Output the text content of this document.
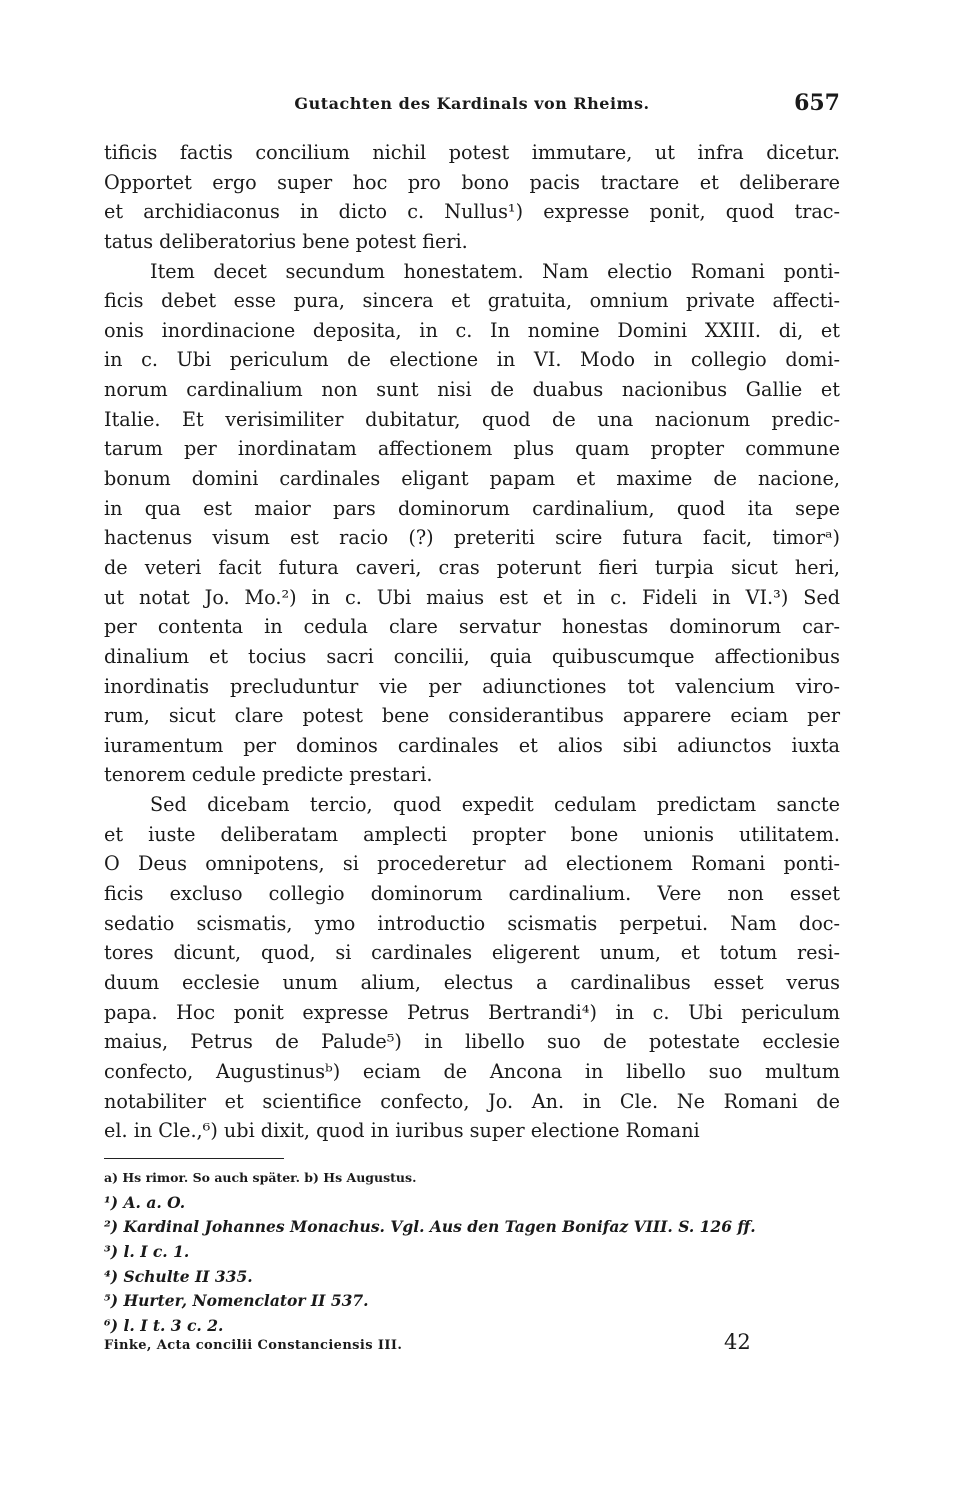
Gutachten des Kardinals von Rheims.	657
tificis factis concilium nichil potest immutare, ut infra dicetur.
Opportet ergo super hoc pro bono pacis tractare et deliberare
et archidiaconus in dicto c. Nullus¹) expresse ponit, quod trac-
tatus deliberatorius bene potest fieri.
Item decet secundum honestatem. Nam electio Romani ponti-
ficis debet esse pura, sincera et gratuita, omnium private affecti-
onis inordinacione deposita, in c. In nomine Domini XXIII. di, et
in c. Ubi periculum de electione in VI. Modo in collegio domi-
norum cardinalium non sunt nisi de duabus nacionibus Gallie et
Italie. Et verisimiliter dubitatur, quod de una nacionum predic-
tarum per inordinatam affectionem plus quam propter commune
bonum domini cardinales eligant papam et maxime de nacione,
in qua est maior pars dominorum cardinalium, quod ita sepe
hactenus visum est racio (?) preteriti scire futura facit, timorᵃ)
de veteri facit futura caveri, cras poterunt fieri turpia sicut heri,
ut notat Jo. Mo.²) in c. Ubi maius est et in c. Fideli in VI.³) Sed
per contenta in cedula clare servatur honestas dominorum car-
dinalium et tocius sacri concilii, quia quibuscumque affectionibus
inordinatis precluduntur vie per adiunctiones tot valencium viro-
rum, sicut clare potest bene considerantibus apparere eciam per
iuramentum per dominos cardinales et alios sibi adiunctos iuxta
tenorem cedule predicte prestari.
Sed dicebam tercio, quod expedit cedulam predictam sancte
et iuste deliberatam amplecti propter bone unionis utilitatem.
O Deus omnipotens, si procederetur ad electionem Romani ponti-
ficis excluso collegio dominorum cardinalium. Vere non esset
sedatio scismatis, ymo introductio scismatis perpetui. Nam doc-
tores dicunt, quod, si cardinales eligerent unum, et totum resi-
duum ecclesie unum alium, electus a cardinalibus esset verus
papa. Hoc ponit expresse Petrus Bertrandi⁴) in c. Ubi periculum
maius, Petrus de Palude⁵) in libello suo de potestate ecclesie
confecto, Augustinusᵇ) eciam de Ancona in libello suo multum
notabiliter et scientifice confecto, Jo. An. in Cle. Ne Romani de
el. in Cle.,⁶) ubi dixit, quod in iuribus super electione Romani
a) Hs rimor. So auch später. b) Hs Augustus.
¹) A. a. O.
²) Kardinal Johannes Monachus. Vgl. Aus den Tagen Bonifaz VIII. S. 126 ff.
³) l. I c. 1.
⁴) Schulte II 335.
⁵) Hurter, Nomenclator II 537.
⁶) l. I t. 3 c. 2.
Finke, Acta concilii Constanciensis III.	42
